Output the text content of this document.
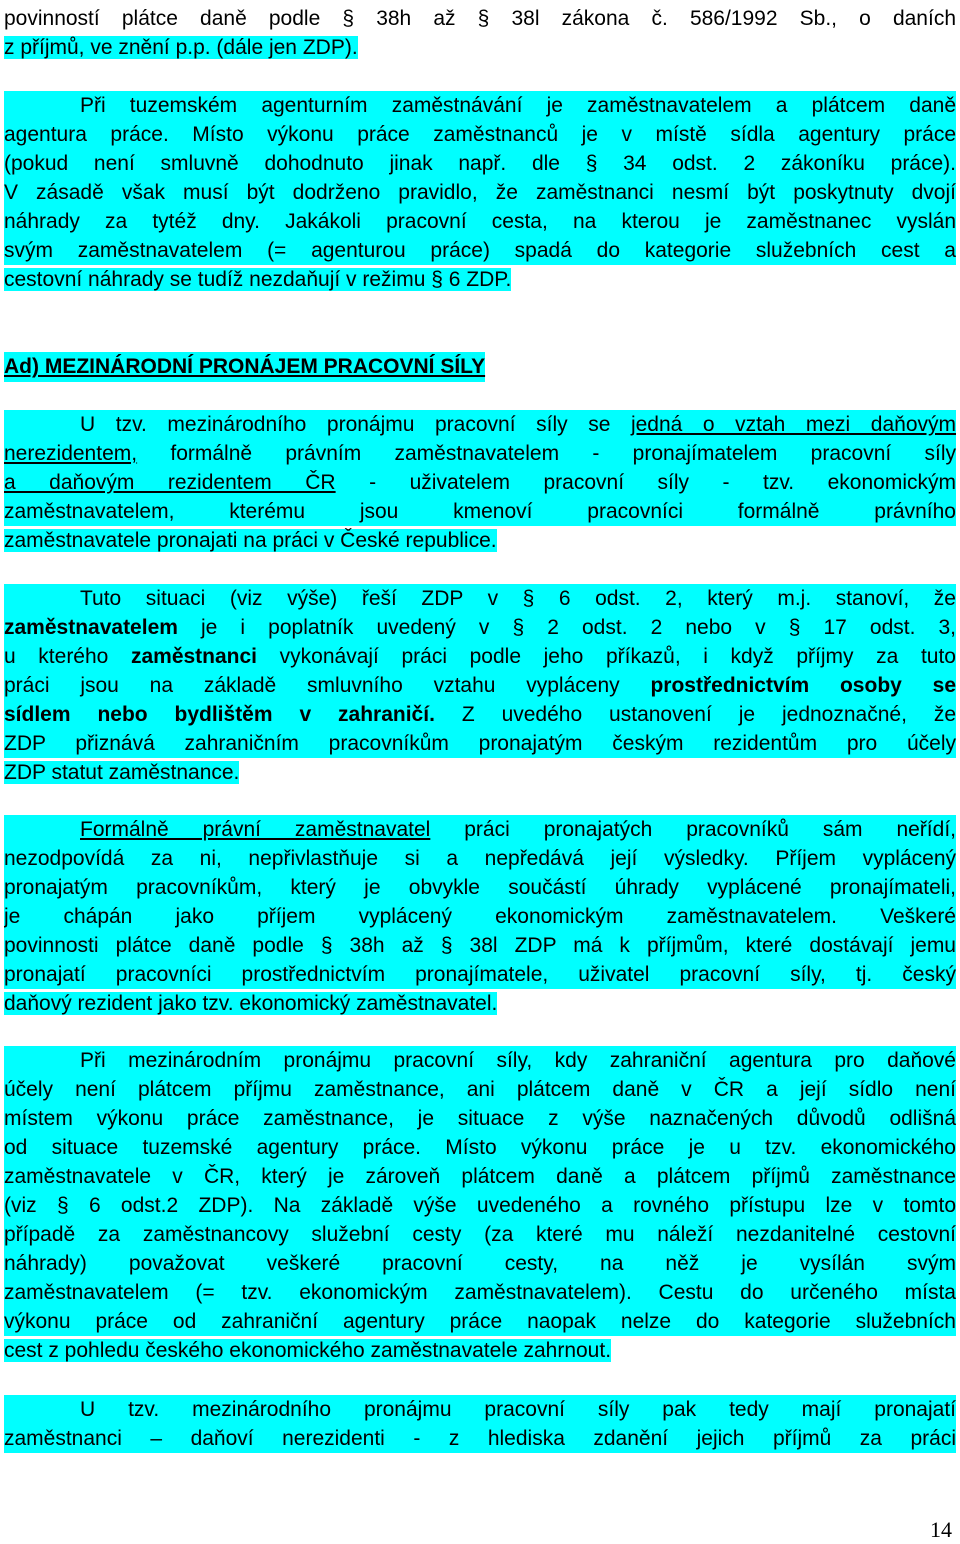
povinností plátce daně podle § 38h až § 38l zákona č. 586/1992 Sb., o daních
z příjmů, ve znění p.p. (dále jen ZDP).
Při tuzemském agenturním zaměstnávání je zaměstnavatelem a plátcem daně
agentura práce. Místo výkonu práce zaměstnanců je v místě sídla agentury práce
(pokud není smluvně dohodnuto jinak např. dle § 34 odst. 2 zákoníku práce).
V zásadě však musí být dodrženo pravidlo, že zaměstnanci nesmí být poskytnuty dvojí
náhrady za tytéž dny. Jakákoli pracovní cesta, na kterou je zaměstnanec vyslán
svým zaměstnavatelem (= agenturou práce) spadá do kategorie služebních cest a
cestovní náhrady se tudíž nezdaňují v režimu § 6 ZDP.
Ad) MEZINÁRODNÍ PRONÁJEM PRACOVNÍ SÍLY
U tzv. mezinárodního pronájmu pracovní síly se jedná o vztah mezi daňovým
nerezidentem, formálně právním zaměstnavatelem - pronajímatelem pracovní síly
a daňovým rezidentem ČR - uživatelem pracovní síly - tzv. ekonomickým
zaměstnavatelem, kterému jsou kmenoví pracovníci formálně právního
zaměstnavatele pronajati na práci v České republice.
Tuto situaci (viz výše) řeší ZDP v § 6 odst. 2, který m.j. stanoví, že
zaměstnavatelem je i poplatník uvedený v § 2 odst. 2 nebo v § 17 odst. 3,
u kterého zaměstnanci vykonávají práci podle jeho příkazů, i když příjmy za tuto
práci jsou na základě smluvního vztahu vypláceny prostřednictvím osoby se
sídlem nebo bydlištěm v zahraničí. Z uvedého ustanovení je jednoznačné, že
ZDP přiznává zahraničním pracovníkům pronajatým českým rezidentům pro účely
ZDP statut zaměstnance.
Formálně právní zaměstnavatel práci pronajatých pracovníků sám neřídí,
nezodpovídá za ni, nepřivlastňuje si a nepředává její výsledky. Příjem vyplácený
pronajatým pracovníkům, který je obvykle součástí úhrady vyplácené pronajímateli,
je chápán jako příjem vyplácený ekonomickým zaměstnavatelem. Veškeré
povinnosti plátce daně podle § 38h až § 38l ZDP má k příjmům, které dostávají jemu
pronajatí pracovníci prostřednictvím pronajímatele, uživatel pracovní síly, tj. český
daňový rezident jako tzv. ekonomický zaměstnavatel.
Při mezinárodním pronájmu pracovní síly, kdy zahraniční agentura pro daňové
účely není plátcem příjmu zaměstnance, ani plátcem daně v ČR a její sídlo není
místem výkonu práce zaměstnance, je situace z výše naznačených důvodů odlišná
od situace tuzemské agentury práce. Místo výkonu práce je u tzv. ekonomického
zaměstnavatele v ČR, který je zároveň plátcem daně a plátcem příjmů zaměstnance
(viz § 6 odst.2 ZDP). Na základě výše uvedeného a rovného přístupu lze v tomto
případě za zaměstnancovy služební cesty (za které mu náleží nezdanitelné cestovní
náhrady) považovat veškeré pracovní cesty, na něž je vysílán svým
zaměstnavatelem (= tzv. ekonomickým zaměstnavatelem). Cestu do určeného místa
výkonu práce od zahraniční agentury práce naopak nelze do kategorie služebních
cest z pohledu českého ekonomického zaměstnavatele zahrnout.
U tzv. mezinárodního pronájmu pracovní síly pak tedy mají pronajatí
zaměstnanci – daňoví nerezidenti - z hlediska zdanění jejich příjmů za práci
14
